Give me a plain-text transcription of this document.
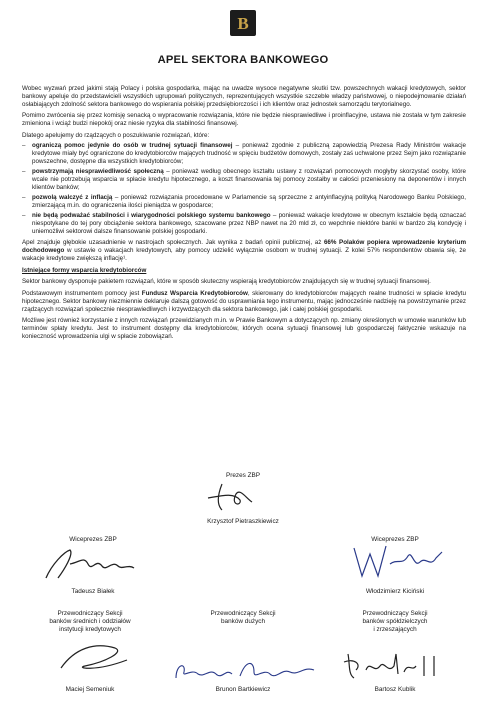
B
APEL SEKTORA BANKOWEGO

Wobec wyzwań przed jakimi stają Polacy i polska gospodarka, mając na uwadze wysoce negatywne skutki tzw. powszechnych wakacji kredytowych, sektor bankowy apeluje do przedstawicieli wszystkich ugrupowań politycznych, reprezentujących wszystkie szczeble władzy państwowej, o niepodejmowanie działań osłabiających zdolność sektora bankowego do wspierania polskiej przedsiębiorczości i ich klientów oraz jednostek samorządu terytorialnego.

Pomimo zwrócenia się przez komisję senacką o wypracowanie rozwiązania, które nie będzie niesprawiedliwe i proinflacyjne, ustawa nie została w tym zakresie zmieniona i wciąż budzi niepokój oraz niesie ryzyka dla stabilności finansowej.

Dlatego apelujemy do rządzących o poszukiwanie rozwiązań, które:

– ograniczą pomoc jedynie do osób w trudnej sytuacji finansowej – ponieważ zgodnie z publiczną zapowiedzią Prezesa Rady Ministrów wakacje kredytowe miały być ograniczone do kredytobiorców mających trudność w spięciu budżetów domowych, zostały zaś uchwalone przez Sejm jako rozwiązanie powszechne, dostępne dla wszystkich kredytobiorców;
– powstrzymają niesprawiedliwość społeczną – ponieważ według obecnego kształtu ustawy z rozwiązań pomocowych mogłyby skorzystać osoby, które wcale nie potrzebują wsparcia w spłacie kredytu hipotecznego, a koszt finansowania tej pomocy zostałby w całości przeniesiony na deponentów i innych klientów banków;
– pozwolą walczyć z inflacją – ponieważ rozwiązania procedowane w Parlamencie są sprzeczne z antyinflacyjną polityką Narodowego Banku Polskiego, zmierzającą m.in. do ograniczenia ilości pieniądza w gospodarce;
– nie będą podważać stabilności i wiarygodności polskiego systemu bankowego – ponieważ wakacje kredytowe w obecnym kształcie będą oznaczać niespotykane do tej pory obciążenie sektora bankowego, szacowane przez NBP nawet na 20 mld zł, co wepchnie niektóre banki w bardzo złą kondycję i uniemożliwi sektorowi dalsze finansowanie polskiej gospodarki.

Apel znajduje głębokie uzasadnienie w nastrojach społecznych. Jak wynika z badań opinii publicznej, aż 66% Polaków popiera wprowadzenie kryterium dochodowego w ustawie o wakacjach kredytowych, aby pomocy udzielić wyłącznie osobom w trudnej sytuacji. Z kolei 57% respondentów obawia się, że wakacje kredytowe zwiększą inflację¹.

Istniejące formy wsparcia kredytobiorców

Sektor bankowy dysponuje pakietem rozwiązań, które w sposób skuteczny wspierają kredytobiorców znajdujących się w trudnej sytuacji finansowej.

Podstawowym instrumentem pomocy jest Fundusz Wsparcia Kredytobiorców, skierowany do kredytobiorców mających realne trudności w spłacie kredytu hipotecznego. Sektor bankowy niezmiennie deklaruje dalszą gotowość do usprawniania tego instrumentu, mając jednocześnie nadzieję na powstrzymanie przez rządzących rozwiązań społecznie niesprawiedliwych i krzywdzących dla sektora bankowego, jak i całej polskiej gospodarki.

Możliwe jest również korzystanie z innych rozwiązań przewidzianych m.in. w Prawie Bankowym a dotyczących np. zmiany określonych w umowie warunków lub terminów spłaty kredytu. Jest to instrument dostępny dla kredytobiorców, których ocena sytuacji finansowej lub gospodarczej faktycznie wskazuje na konieczność wprowadzenia ulgi w spłacie zobowiązań.

Prezes ZBP
Krzysztof Pietraszkiewicz
Wiceprezes ZBP
Tadeusz Białek
Wiceprezes ZBP
Włodzimierz Kiciński
Przewodniczący Sekcji
banków średnich i oddziałów
instytucji kredytowych
Maciej Semeniuk
Przewodniczący Sekcji
banków dużych
Brunon Bartkiewicz
Przewodniczący Sekcji
banków spółdzielczych
i zrzeszających
Bartosz Kublik
